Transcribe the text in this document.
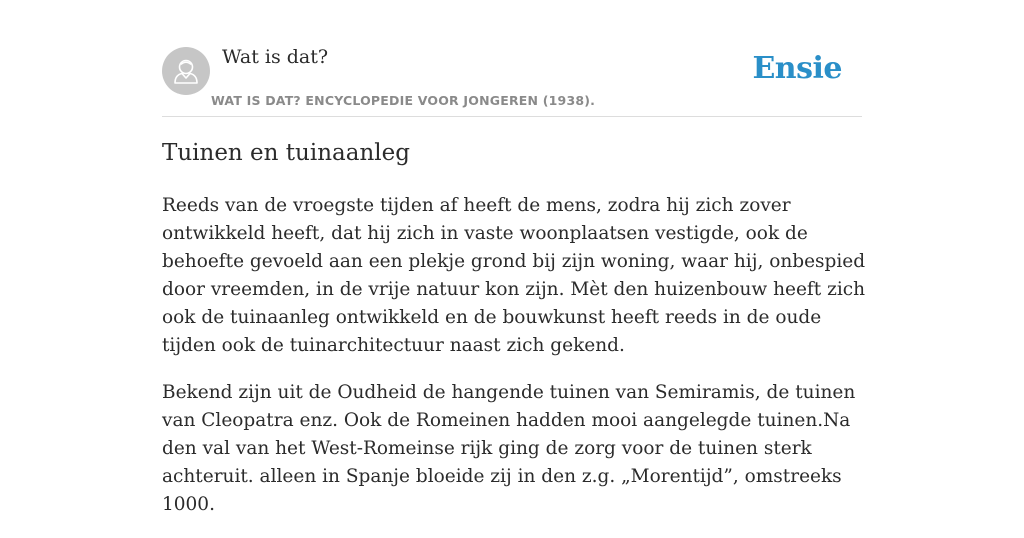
Wat is dat?
WAT IS DAT? ENCYCLOPEDIE VOOR JONGEREN (1938).
Ensie
Tuinen en tuinaanleg

Reeds van de vroegste tijden af heeft de mens, zodra hij zich zover ontwikkeld heeft, dat hij zich in vaste woonplaatsen vestigde, ook de behoefte gevoeld aan een plekje grond bij zijn woning, waar hij, onbespied door vreemden, in de vrije natuur kon zijn. Mèt den huizenbouw heeft zich ook de tuinaanleg ontwikkeld en de bouwkunst heeft reeds in de oude tijden ook de tuinarchitectuur naast zich gekend.

Bekend zijn uit de Oudheid de hangende tuinen van Semiramis, de tuinen van Cleopatra enz. Ook de Romeinen hadden mooi aangelegde tuinen.Na den val van het West-Romeinse rijk ging de zorg voor de tuinen sterk achteruit. alleen in Spanje bloeide zij in den z.g. „Morentijd”, omstreeks 1000.
